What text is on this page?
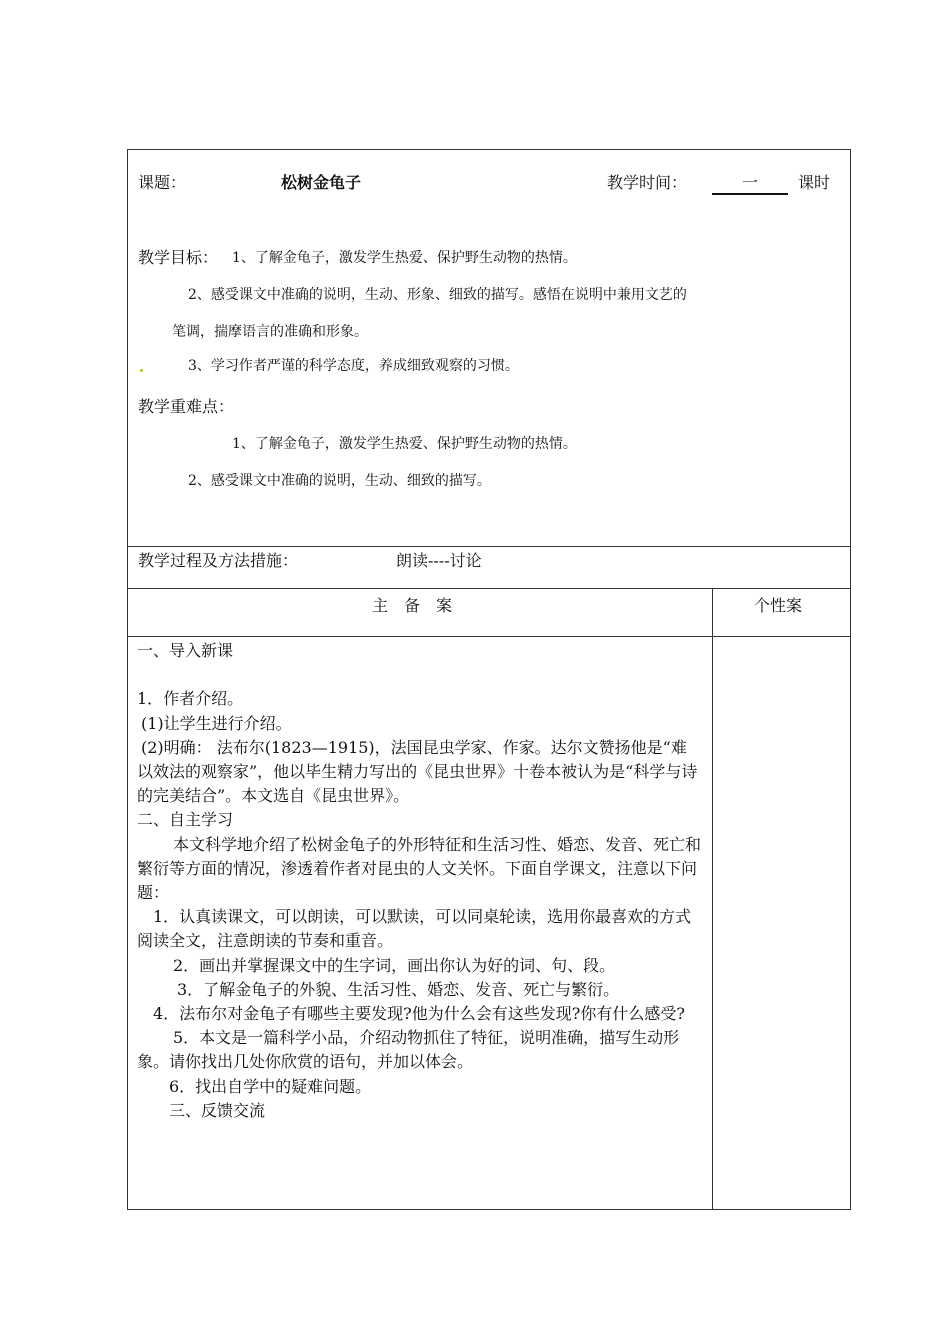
课题：	松树金龟子	教学时间：	一	课时
教学目标： 1、了解金龟子，激发学生热爱、保护野生动物的热情。
2、感受课文中准确的说明，生动、形象、细致的描写。感悟在说明中兼用文艺的
笔调，揣摩语言的准确和形象。
3、学习作者严谨的科学态度，养成细致观察的习惯。
教学重难点：
1、了解金龟子，激发学生热爱、保护野生动物的热情。
2、感受课文中准确的说明，生动、细致的描写。
教学过程及方法措施：	朗读----讨论
主　备　案	个性案

一、导入新课

1．作者介绍。

(1)让学生进行介绍。

(2)明确： 法布尔(1823—1915)，法国昆虫学家、作家。达尔文赞扬他是“难以效法的观察家”，他以毕生精力写出的《昆虫世界》十卷本被认为是“科学与诗的完美结合”。本文选自《昆虫世界》。

二、自主学习

本文科学地介绍了松树金龟子的外形特征和生活习性、婚恋、发音、死亡和繁衍等方面的情况，渗透着作者对昆虫的人文关怀。下面自学课文，注意以下问题：

1．认真读课文，可以朗读，可以默读，可以同桌轮读，选用你最喜欢的方式阅读全文，注意朗读的节奏和重音。

2．画出并掌握课文中的生字词，画出你认为好的词、句、段。

3．了解金龟子的外貌、生活习性、婚恋、发音、死亡与繁衍。

4．法布尔对金龟子有哪些主要发现?他为什么会有这些发现?你有什么感受?

5．本文是一篇科学小品，介绍动物抓住了特征，说明准确，描写生动形象。请你找出几处你欣赏的语句，并加以体会。

6．找出自学中的疑难问题。

三、反馈交流
